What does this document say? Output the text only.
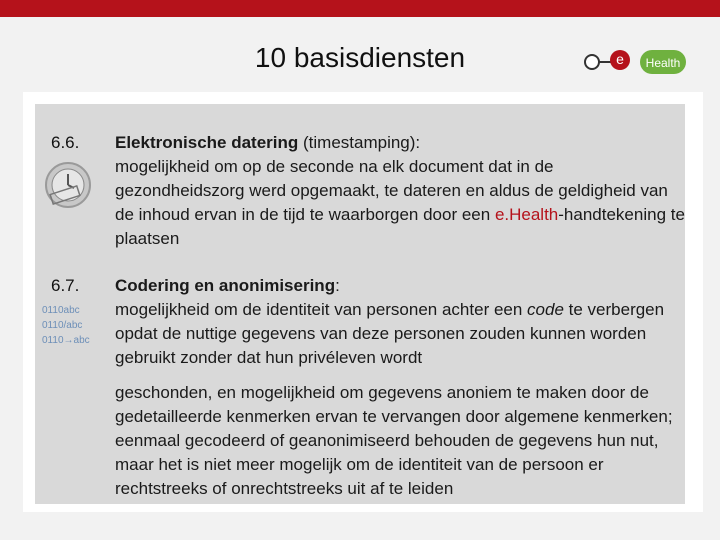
10 basisdiensten	e Health
6.6. Elektronische datering (timestamping):
mogelijkheid om op de seconde na elk document dat in de gezondheidszorg werd opgemaakt, te dateren en aldus de geldigheid van de inhoud ervan in de tijd te waarborgen door een e.Health-handtekening te plaatsen
6.7.
0110abc
0110/abc
0110→abc
Codering en anonimisering:
mogelijkheid om de identiteit van personen achter een code te verbergen opdat de nuttige gegevens van deze personen zouden kunnen worden gebruikt zonder dat hun privéleven wordt
geschonden, en mogelijkheid om gegevens anoniem te maken door de gedetailleerde kenmerken ervan te vervangen door algemene kenmerken; eenmaal gecodeerd of geanonimiseerd behouden de gegevens hun nut, maar het is niet meer mogelijk om de identiteit van de persoon er rechtstreeks of onrechtstreeks uit af te leiden
